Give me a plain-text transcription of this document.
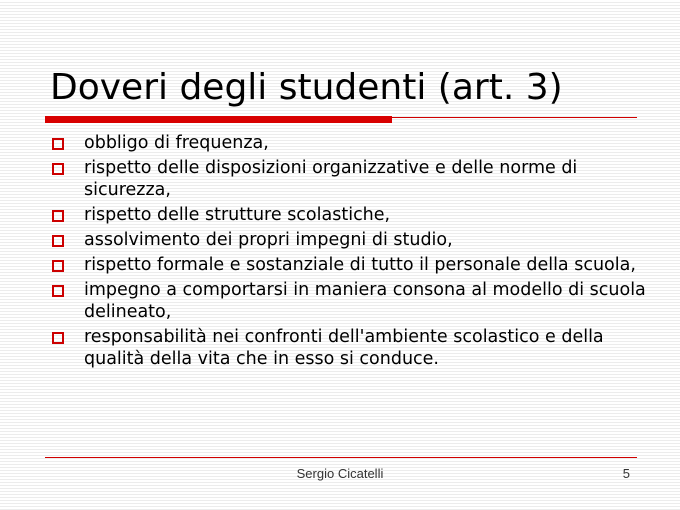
Doveri degli studenti (art. 3)
obbligo di frequenza,
rispetto delle disposizioni organizzative e delle norme di sicurezza,
rispetto delle strutture scolastiche,
assolvimento dei propri impegni di studio,
rispetto formale e sostanziale di tutto il personale della scuola,
impegno a comportarsi in maniera consona al modello di scuola delineato,
responsabilità nei confronti dell'ambiente scolastico e della qualità della vita che in esso si conduce.
Sergio Cicatelli	5
